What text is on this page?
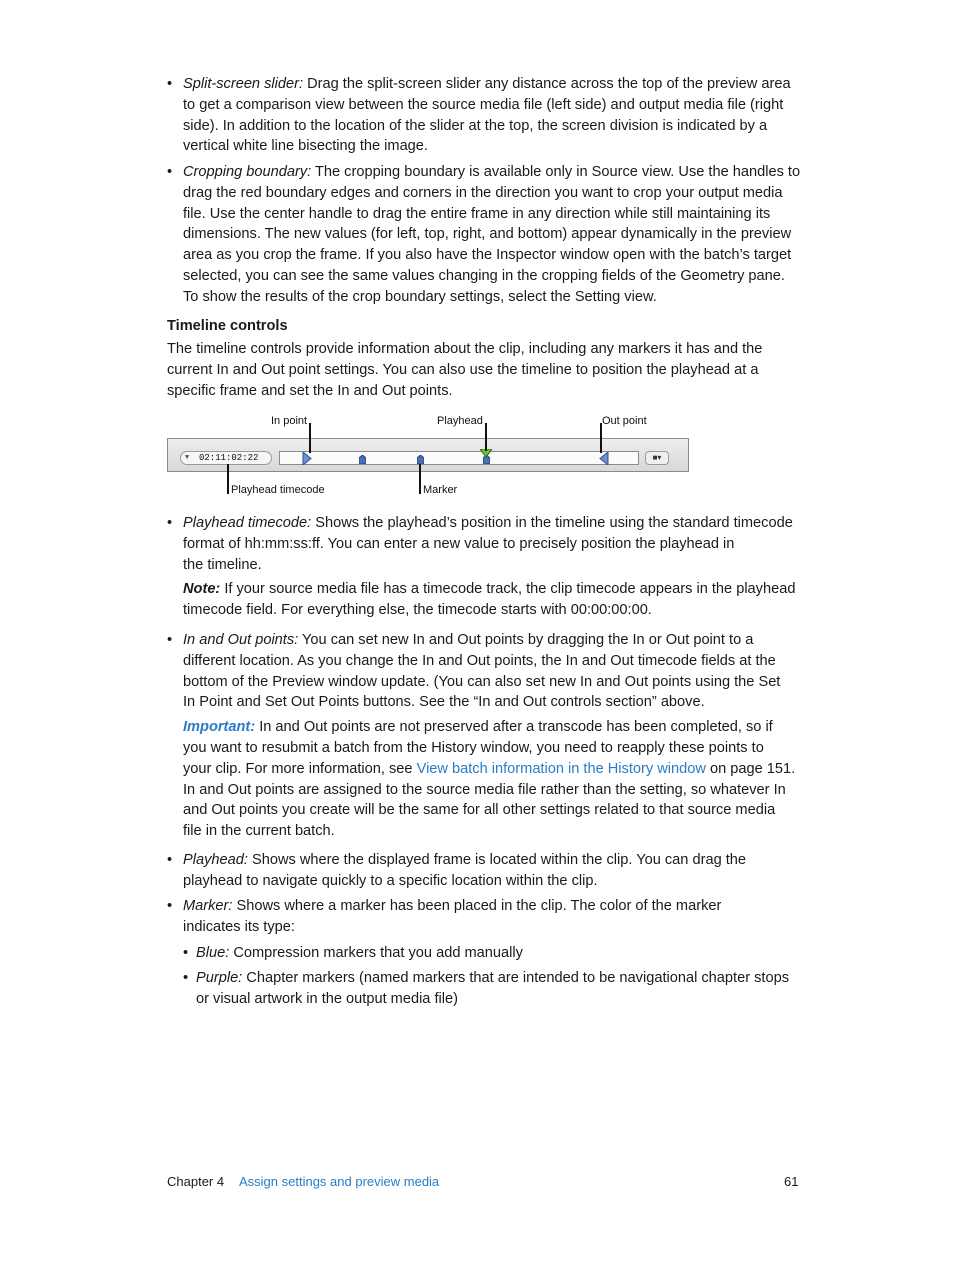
• Split-screen slider: Drag the split-screen slider any distance across the top of the preview area
to get a comparison view between the source media file (left side) and output media file (right
side). In addition to the location of the slider at the top, the screen division is indicated by a
vertical white line bisecting the image.
• Cropping boundary: The cropping boundary is available only in Source view. Use the handles to
drag the red boundary edges and corners in the direction you want to crop your output media
file. Use the center handle to drag the entire frame in any direction while still maintaining its
dimensions. The new values (for left, top, right, and bottom) appear dynamically in the preview
area as you crop the frame. If you also have the Inspector window open with the batch’s target
selected, you can see the same values changing in the cropping fields of the Geometry pane.
To show the results of the crop boundary settings, select the Setting view.
Timeline controls
The timeline controls provide information about the clip, including any markers it has and the
current In and Out point settings. You can also use the timeline to position the playhead at a
specific frame and set the In and Out points.
In point	Playhead	Out point
▼ 02:11:02:22	■▾
Playhead timecode	Marker
• Playhead timecode: Shows the playhead’s position in the timeline using the standard timecode
format of hh:mm:ss:ff. You can enter a new value to precisely position the playhead in
the timeline.
Note: If your source media file has a timecode track, the clip timecode appears in the playhead
timecode field. For everything else, the timecode starts with 00:00:00:00.
• In and Out points: You can set new In and Out points by dragging the In or Out point to a
different location. As you change the In and Out points, the In and Out timecode fields at the
bottom of the Preview window update. (You can also set new In and Out points using the Set
In Point and Set Out Points buttons. See the “In and Out controls section” above.
Important: In and Out points are not preserved after a transcode has been completed, so if
you want to resubmit a batch from the History window, you need to reapply these points to
your clip. For more information, see View batch information in the History window on page 151.
In and Out points are assigned to the source media file rather than the setting, so whatever In
and Out points you create will be the same for all other settings related to that source media
file in the current batch.
• Playhead: Shows where the displayed frame is located within the clip. You can drag the
playhead to navigate quickly to a specific location within the clip.
• Marker: Shows where a marker has been placed in the clip. The color of the marker
indicates its type:
• Blue: Compression markers that you add manually
• Purple: Chapter markers (named markers that are intended to be navigational chapter stops
or visual artwork in the output media file)
Chapter 4 Assign settings and preview media	61
